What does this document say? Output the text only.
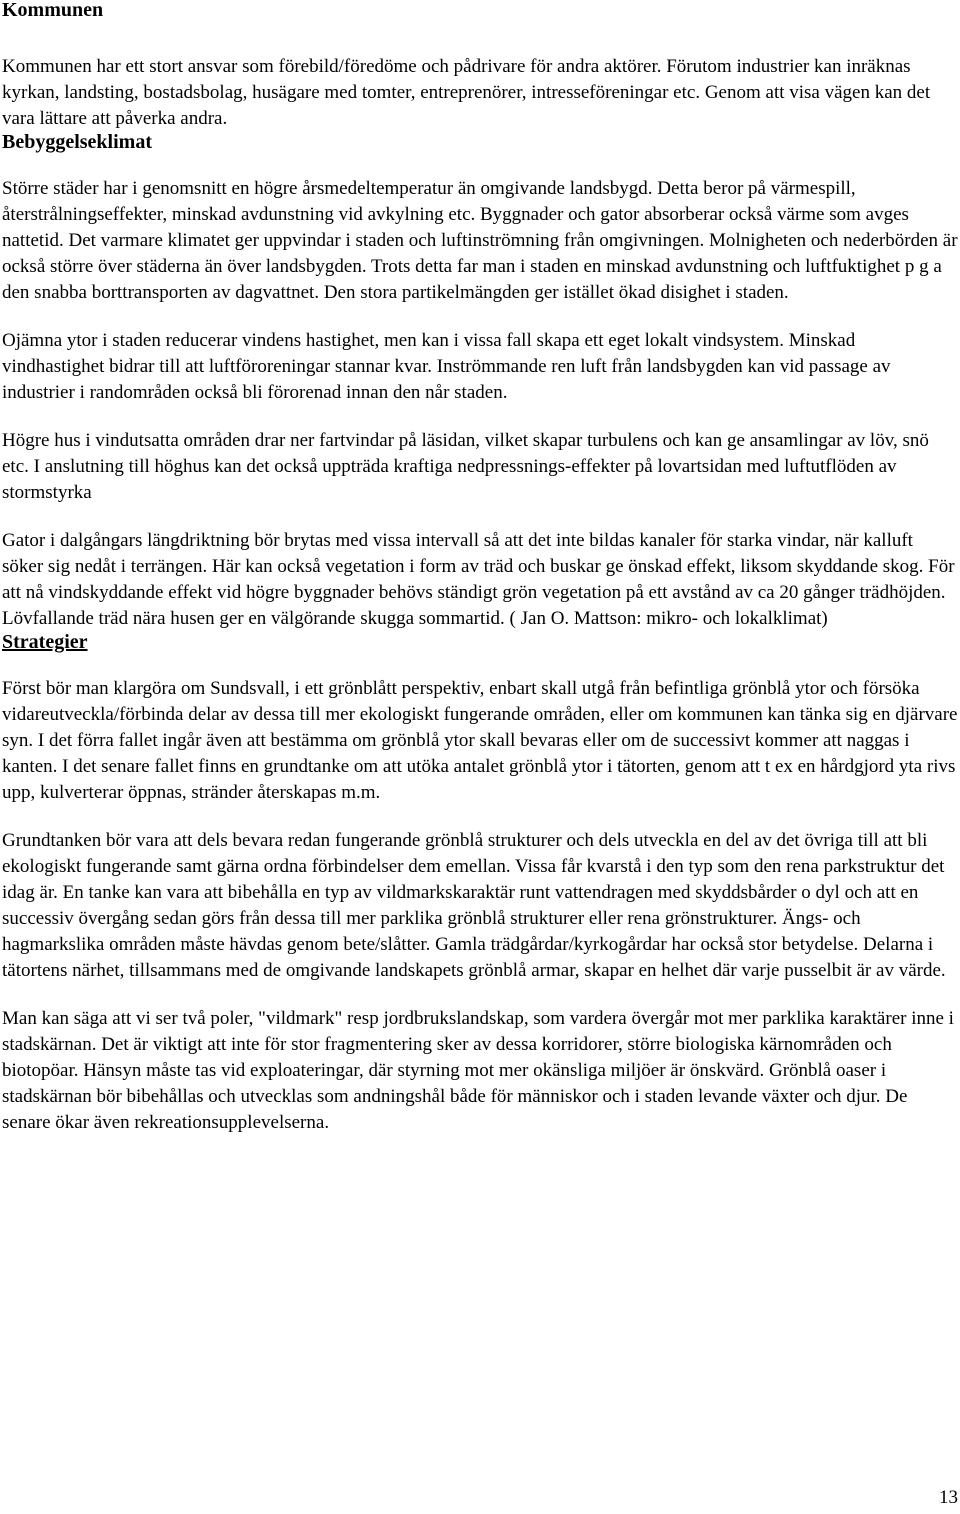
Kommunen

Kommunen har ett stort ansvar som förebild/föredöme och pådrivare för andra aktörer. Förutom industrier kan inräknas kyrkan, landsting, bostadsbolag, husägare med tomter, entreprenörer, intresseföreningar etc. Genom att visa vägen kan det vara lättare att påverka andra.

Bebyggelseklimat

Större städer har i genomsnitt en högre årsmedeltemperatur än omgivande landsbygd. Detta beror på värmespill, återstrålningseffekter, minskad avdunstning vid avkylning etc. Byggnader och gator absorberar också värme som avges nattetid. Det varmare klimatet ger uppvindar i staden och luftinströmning från omgivningen. Molnigheten och nederbörden är också större över städerna än över landsbygden. Trots detta far man i staden en minskad avdunstning och luftfuktighet p g a den snabba borttransporten av dagvattnet. Den stora partikelmängden ger istället ökad disighet i staden.

Ojämna ytor i staden reducerar vindens hastighet, men kan i vissa fall skapa ett eget lokalt vindsystem. Minskad vindhastighet bidrar till att luftföroreningar stannar kvar. Inströmmande ren luft från landsbygden kan vid passage av industrier i randområden också bli förorenad innan den når staden.

Högre hus i vindutsatta områden drar ner fartvindar på läsidan, vilket skapar turbulens och kan ge ansamlingar av löv, snö etc. I anslutning till höghus kan det också uppträda kraftiga nedpressnings-effekter på lovartsidan med luftutflöden av stormstyrka

Gator i dalgångars längdriktning bör brytas med vissa intervall så att det inte bildas kanaler för starka vindar, när kalluft söker sig nedåt i terrängen. Här kan också vegetation i form av träd och buskar ge önskad effekt, liksom skyddande skog. För att nå vindskyddande effekt vid högre byggnader behövs ständigt grön vegetation på ett avstånd av ca 20 gånger trädhöjden. Lövfallande träd nära husen ger en välgörande skugga sommartid. ( Jan O. Mattson: mikro- och lokalklimat)

Strategier

Först bör man klargöra om Sundsvall, i ett grönblått perspektiv, enbart skall utgå från befintliga grönblå ytor och försöka vidareutveckla/förbinda delar av dessa till mer ekologiskt fungerande områden, eller om kommunen kan tänka sig en djärvare syn. I det förra fallet ingår även att bestämma om grönblå ytor skall bevaras eller om de successivt kommer att naggas i kanten. I det senare fallet finns en grundtanke om att utöka antalet grönblå ytor i tätorten, genom att t ex en hårdgjord yta rivs upp, kulverterar öppnas, stränder återskapas m.m.

Grundtanken bör vara att dels bevara redan fungerande grönblå strukturer och dels utveckla en del av det övriga till att bli ekologiskt fungerande samt gärna ordna förbindelser dem emellan. Vissa får kvarstå i den typ som den rena parkstruktur det idag är. En tanke kan vara att bibehålla en typ av vildmarkskaraktär runt vattendragen med skyddsbårder o dyl och att en successiv övergång sedan görs från dessa till mer parklika grönblå strukturer eller rena grönstrukturer. Ängs- och hagmarkslika områden måste hävdas genom bete/slåtter. Gamla trädgårdar/kyrkogårdar har också stor betydelse. Delarna i tätortens närhet, tillsammans med de omgivande landskapets grönblå armar, skapar en helhet där varje pusselbit är av värde.

Man kan säga att vi ser två poler, "vildmark" resp jordbrukslandskap, som vardera övergår mot mer parklika karaktärer inne i stadskärnan. Det är viktigt att inte för stor fragmentering sker av dessa korridorer, större biologiska kärnområden och biotopöar. Hänsyn måste tas vid exploateringar, där styrning mot mer okänsliga miljöer är önskvärd. Grönblå oaser i stadskärnan bör bibehållas och utvecklas som andningshål både för människor och i staden levande växter och djur. De senare ökar även rekreationsupplevelserna.

13
